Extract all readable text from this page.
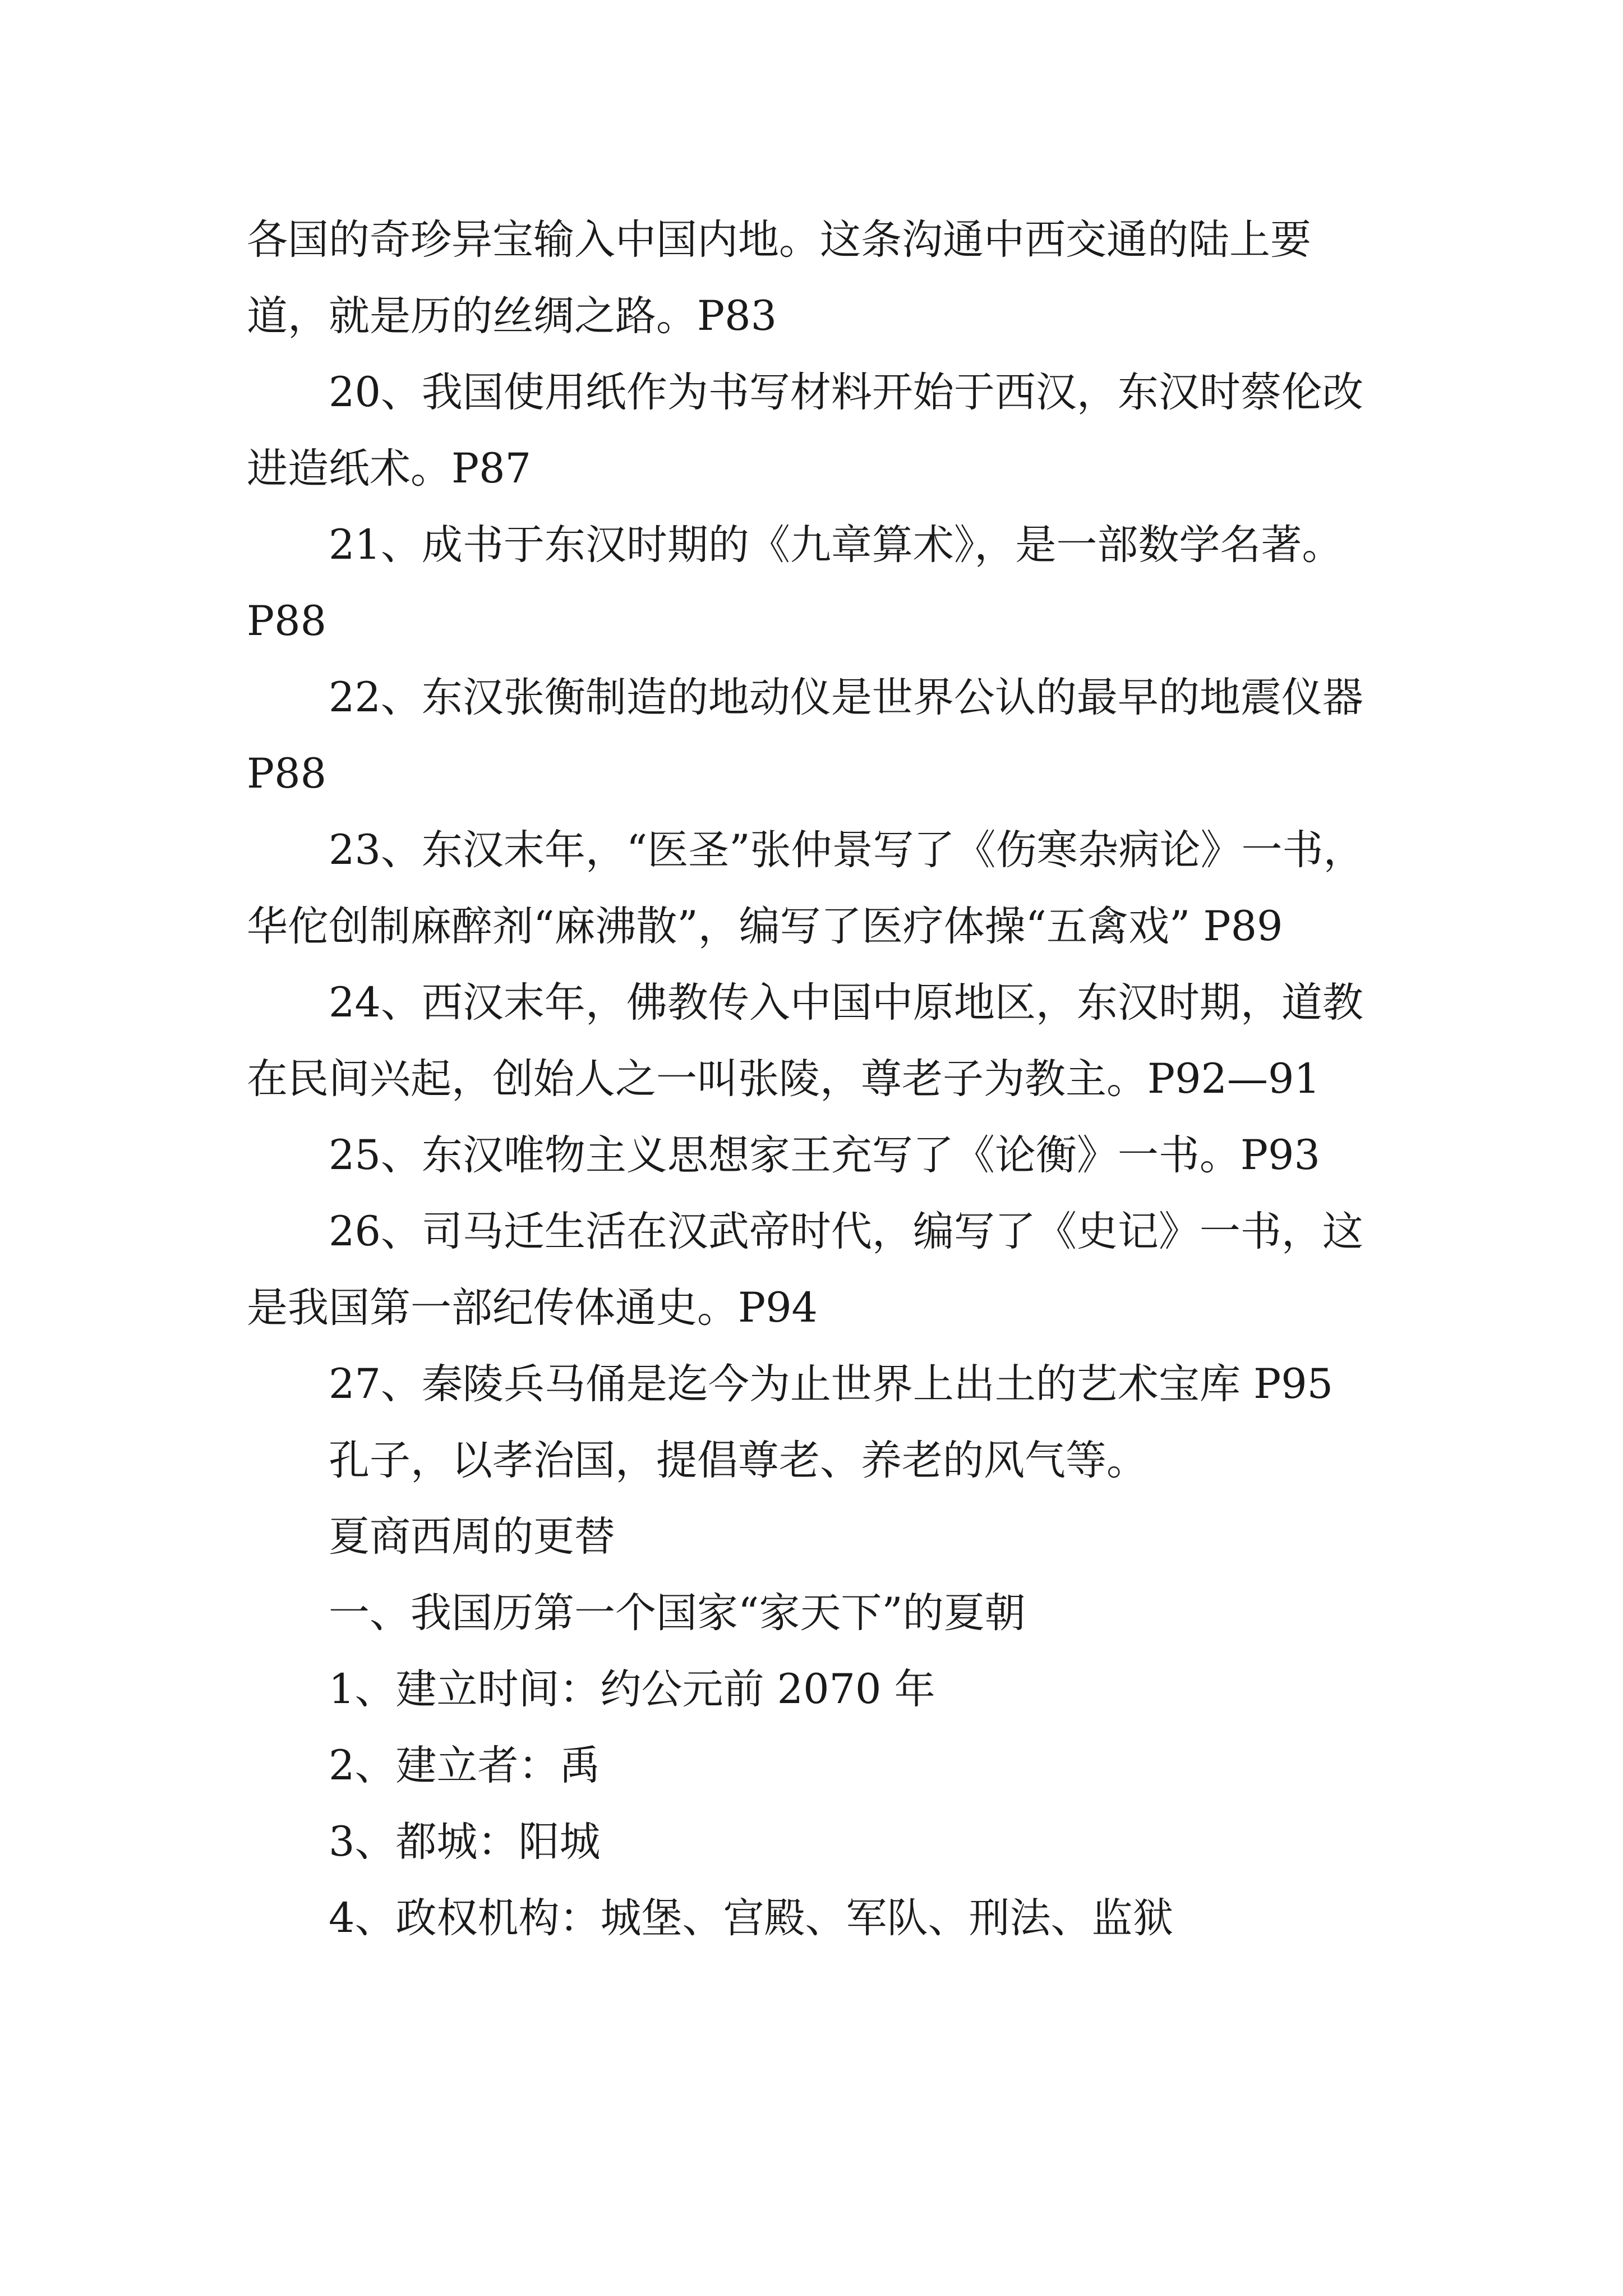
各国的奇珍异宝输入中国内地。这条沟通中西交通的陆上要道，就是历的丝绸之路。P83

20、我国使用纸作为书写材料开始于西汉，东汉时蔡伦改进造纸术。P87

21、成书于东汉时期的《九章算术》，是一部数学名著。P88

22、东汉张衡制造的地动仪是世界公认的最早的地震仪器 P88

23、东汉末年，“医圣”张仲景写了《伤寒杂病论》一书，华佗创制麻醉剂“麻沸散”，编写了医疗体操“五禽戏” P89

24、西汉末年，佛教传入中国中原地区，东汉时期，道教在民间兴起，创始人之一叫张陵，尊老子为教主。P92—91

25、东汉唯物主义思想家王充写了《论衡》一书。P93

26、司马迁生活在汉武帝时代，编写了《史记》一书，这是我国第一部纪传体通史。P94

27、秦陵兵马俑是迄今为止世界上出土的艺术宝库 P95

孔子，以孝治国，提倡尊老、养老的风气等。

夏商西周的更替

一、我国历第一个国家“家天下”的夏朝

1、建立时间：约公元前 2070 年

2、建立者：禹

3、都城：阳城

4、政权机构：城堡、宫殿、军队、刑法、监狱
